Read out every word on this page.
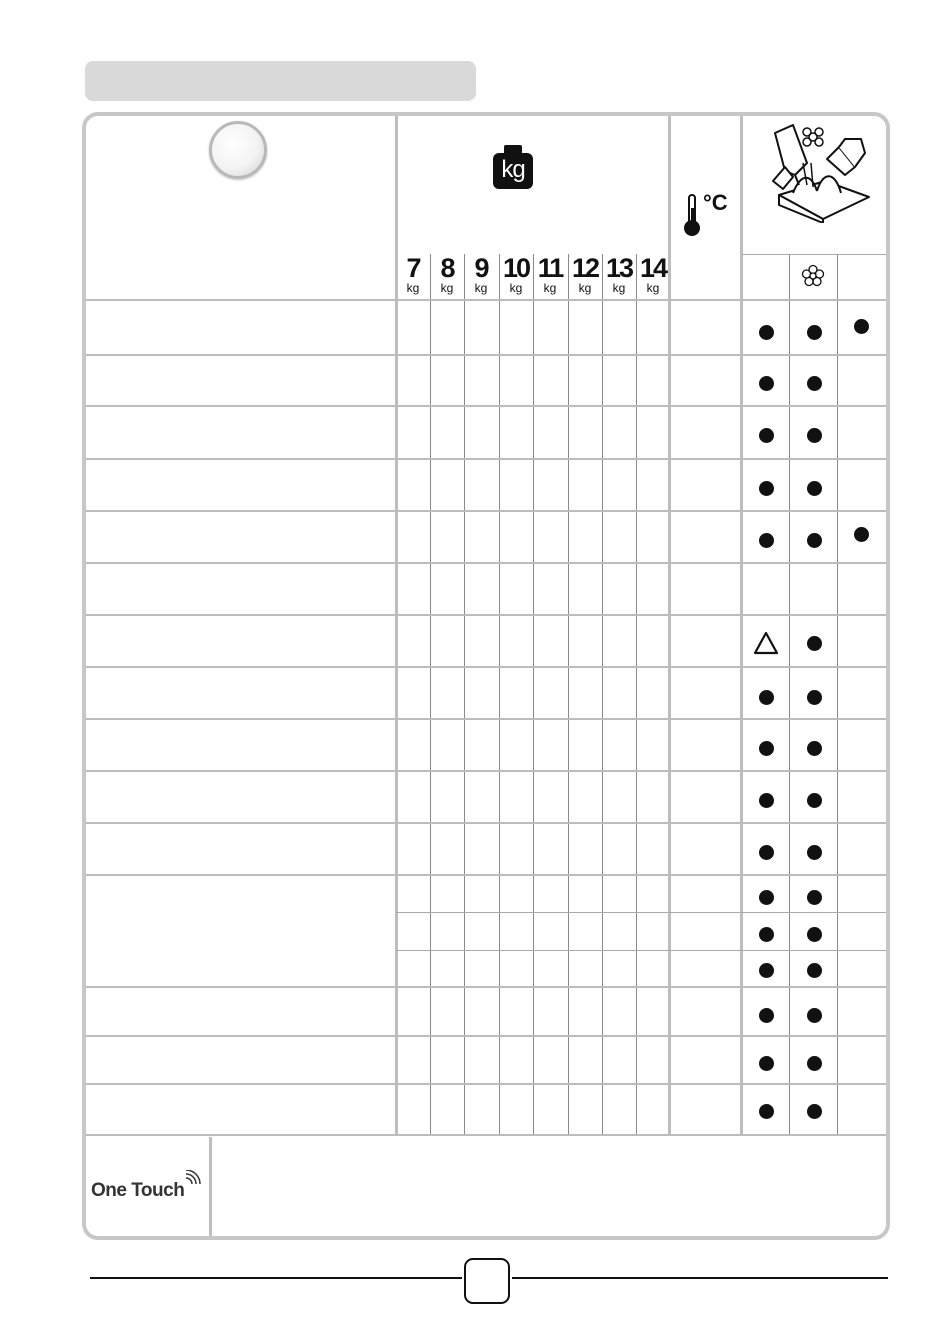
kg
7
kg
8
kg
9
kg
10
kg
11
kg
12
kg
13
kg
14
kg
°C
One Touch
